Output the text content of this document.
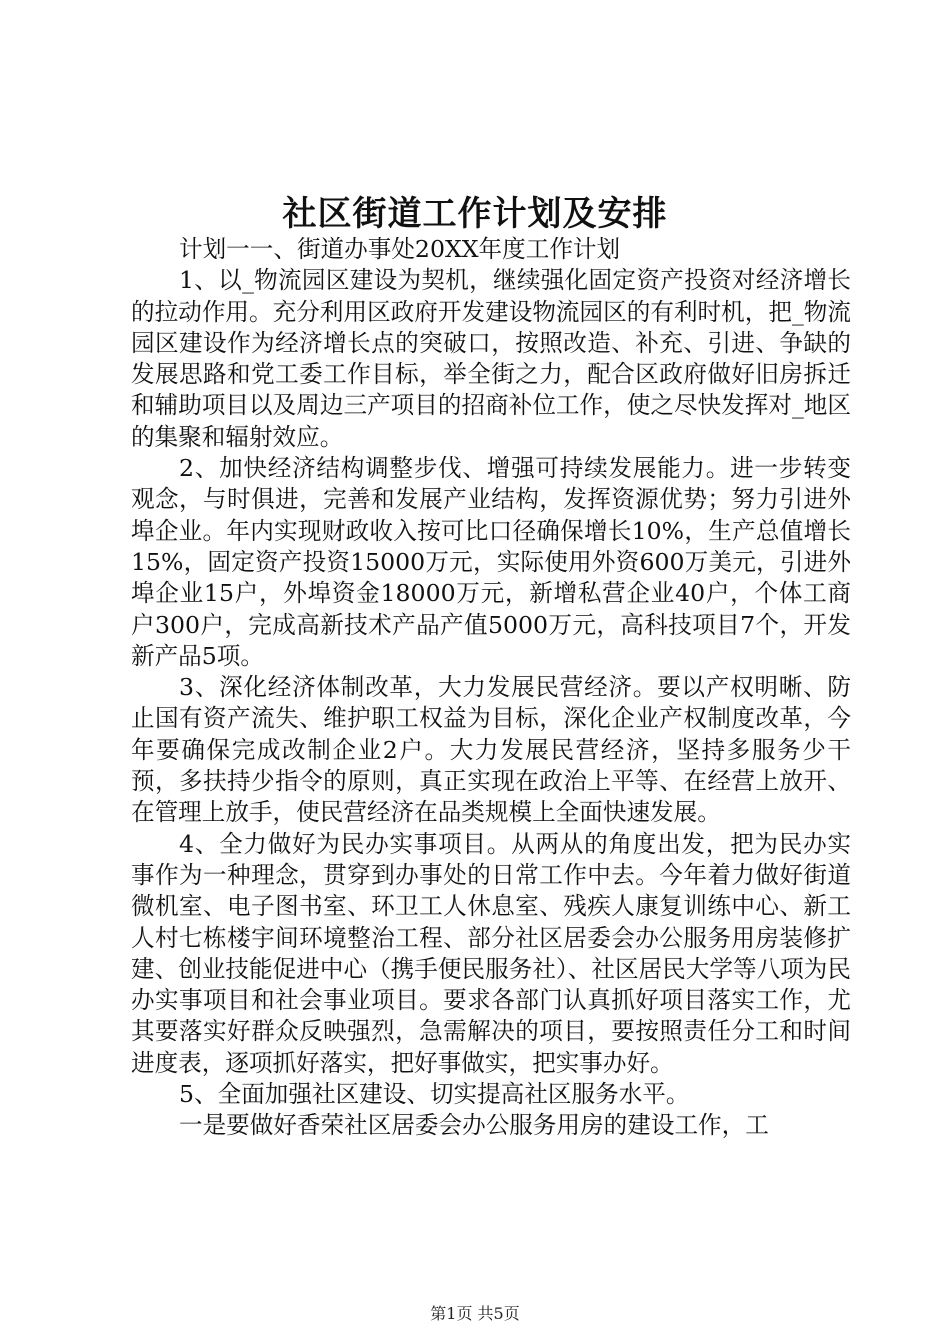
社区街道工作计划及安排

计划一一、街道办事处20XX年度工作计划

1、以_物流园区建设为契机，继续强化固定资产投资对经济增长的拉动作用。充分利用区政府开发建设物流园区的有利时机，把_物流园区建设作为经济增长点的突破口，按照改造、补充、引进、争缺的发展思路和党工委工作目标，举全街之力，配合区政府做好旧房拆迁和辅助项目以及周边三产项目的招商补位工作，使之尽快发挥对_地区的集聚和辐射效应。

2、加快经济结构调整步伐、增强可持续发展能力。进一步转变观念，与时俱进，完善和发展产业结构，发挥资源优势；努力引进外埠企业。年内实现财政收入按可比口径确保增长10%，生产总值增长15%，固定资产投资15000万元，实际使用外资600万美元，引进外埠企业15户，外埠资金18000万元，新增私营企业40户，个体工商户300户，完成高新技术产品产值5000万元，高科技项目7个，开发新产品5项。

3、深化经济体制改革，大力发展民营经济。要以产权明晰、防止国有资产流失、维护职工权益为目标，深化企业产权制度改革，今年要确保完成改制企业2户。大力发展民营经济，坚持多服务少干预，多扶持少指令的原则，真正实现在政治上平等、在经营上放开、在管理上放手，使民营经济在品类规模上全面快速发展。

4、全力做好为民办实事项目。从两从的角度出发，把为民办实事作为一种理念，贯穿到办事处的日常工作中去。今年着力做好街道微机室、电子图书室、环卫工人休息室、残疾人康复训练中心、新工人村七栋楼宇间环境整治工程、部分社区居委会办公服务用房装修扩建、创业技能促进中心（携手便民服务社）、社区居民大学等八项为民办实事项目和社会事业项目。要求各部门认真抓好项目落实工作，尤其要落实好群众反映强烈，急需解决的项目，要按照责任分工和时间进度表，逐项抓好落实，把好事做实，把实事办好。

5、全面加强社区建设、切实提高社区服务水平。

一是要做好香荣社区居委会办公服务用房的建设工作，工

第1页 共5页
